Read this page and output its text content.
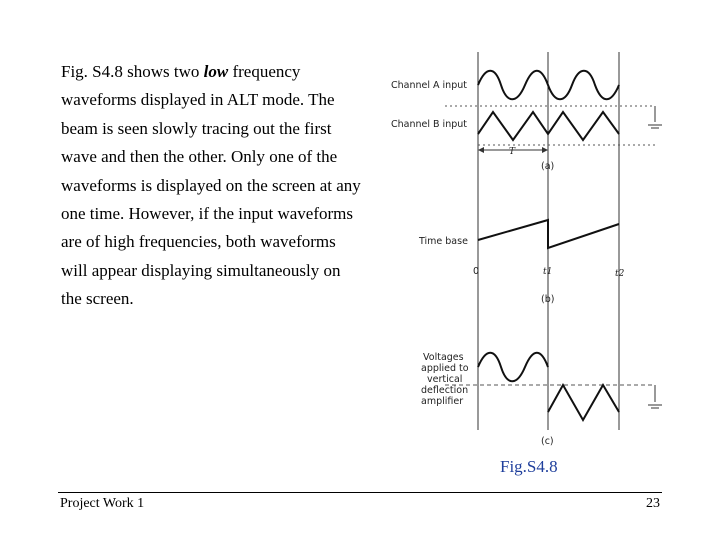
Fig. S4.8 shows two low frequency waveforms displayed in ALT mode. The beam is seen slowly tracing out the first wave and then the other. Only one of the waveforms is displayed on the screen at any one time. However, if the input waveforms are of high frequencies, both waveforms will appear displaying simultaneously on the screen.
Channel A input
Channel B input
T
(a)
Time base
0	t1	t2
(b)
Voltages
applied to
vertical
deflection
amplifier
(c)
Fig.S4.8
Project Work 1	23
